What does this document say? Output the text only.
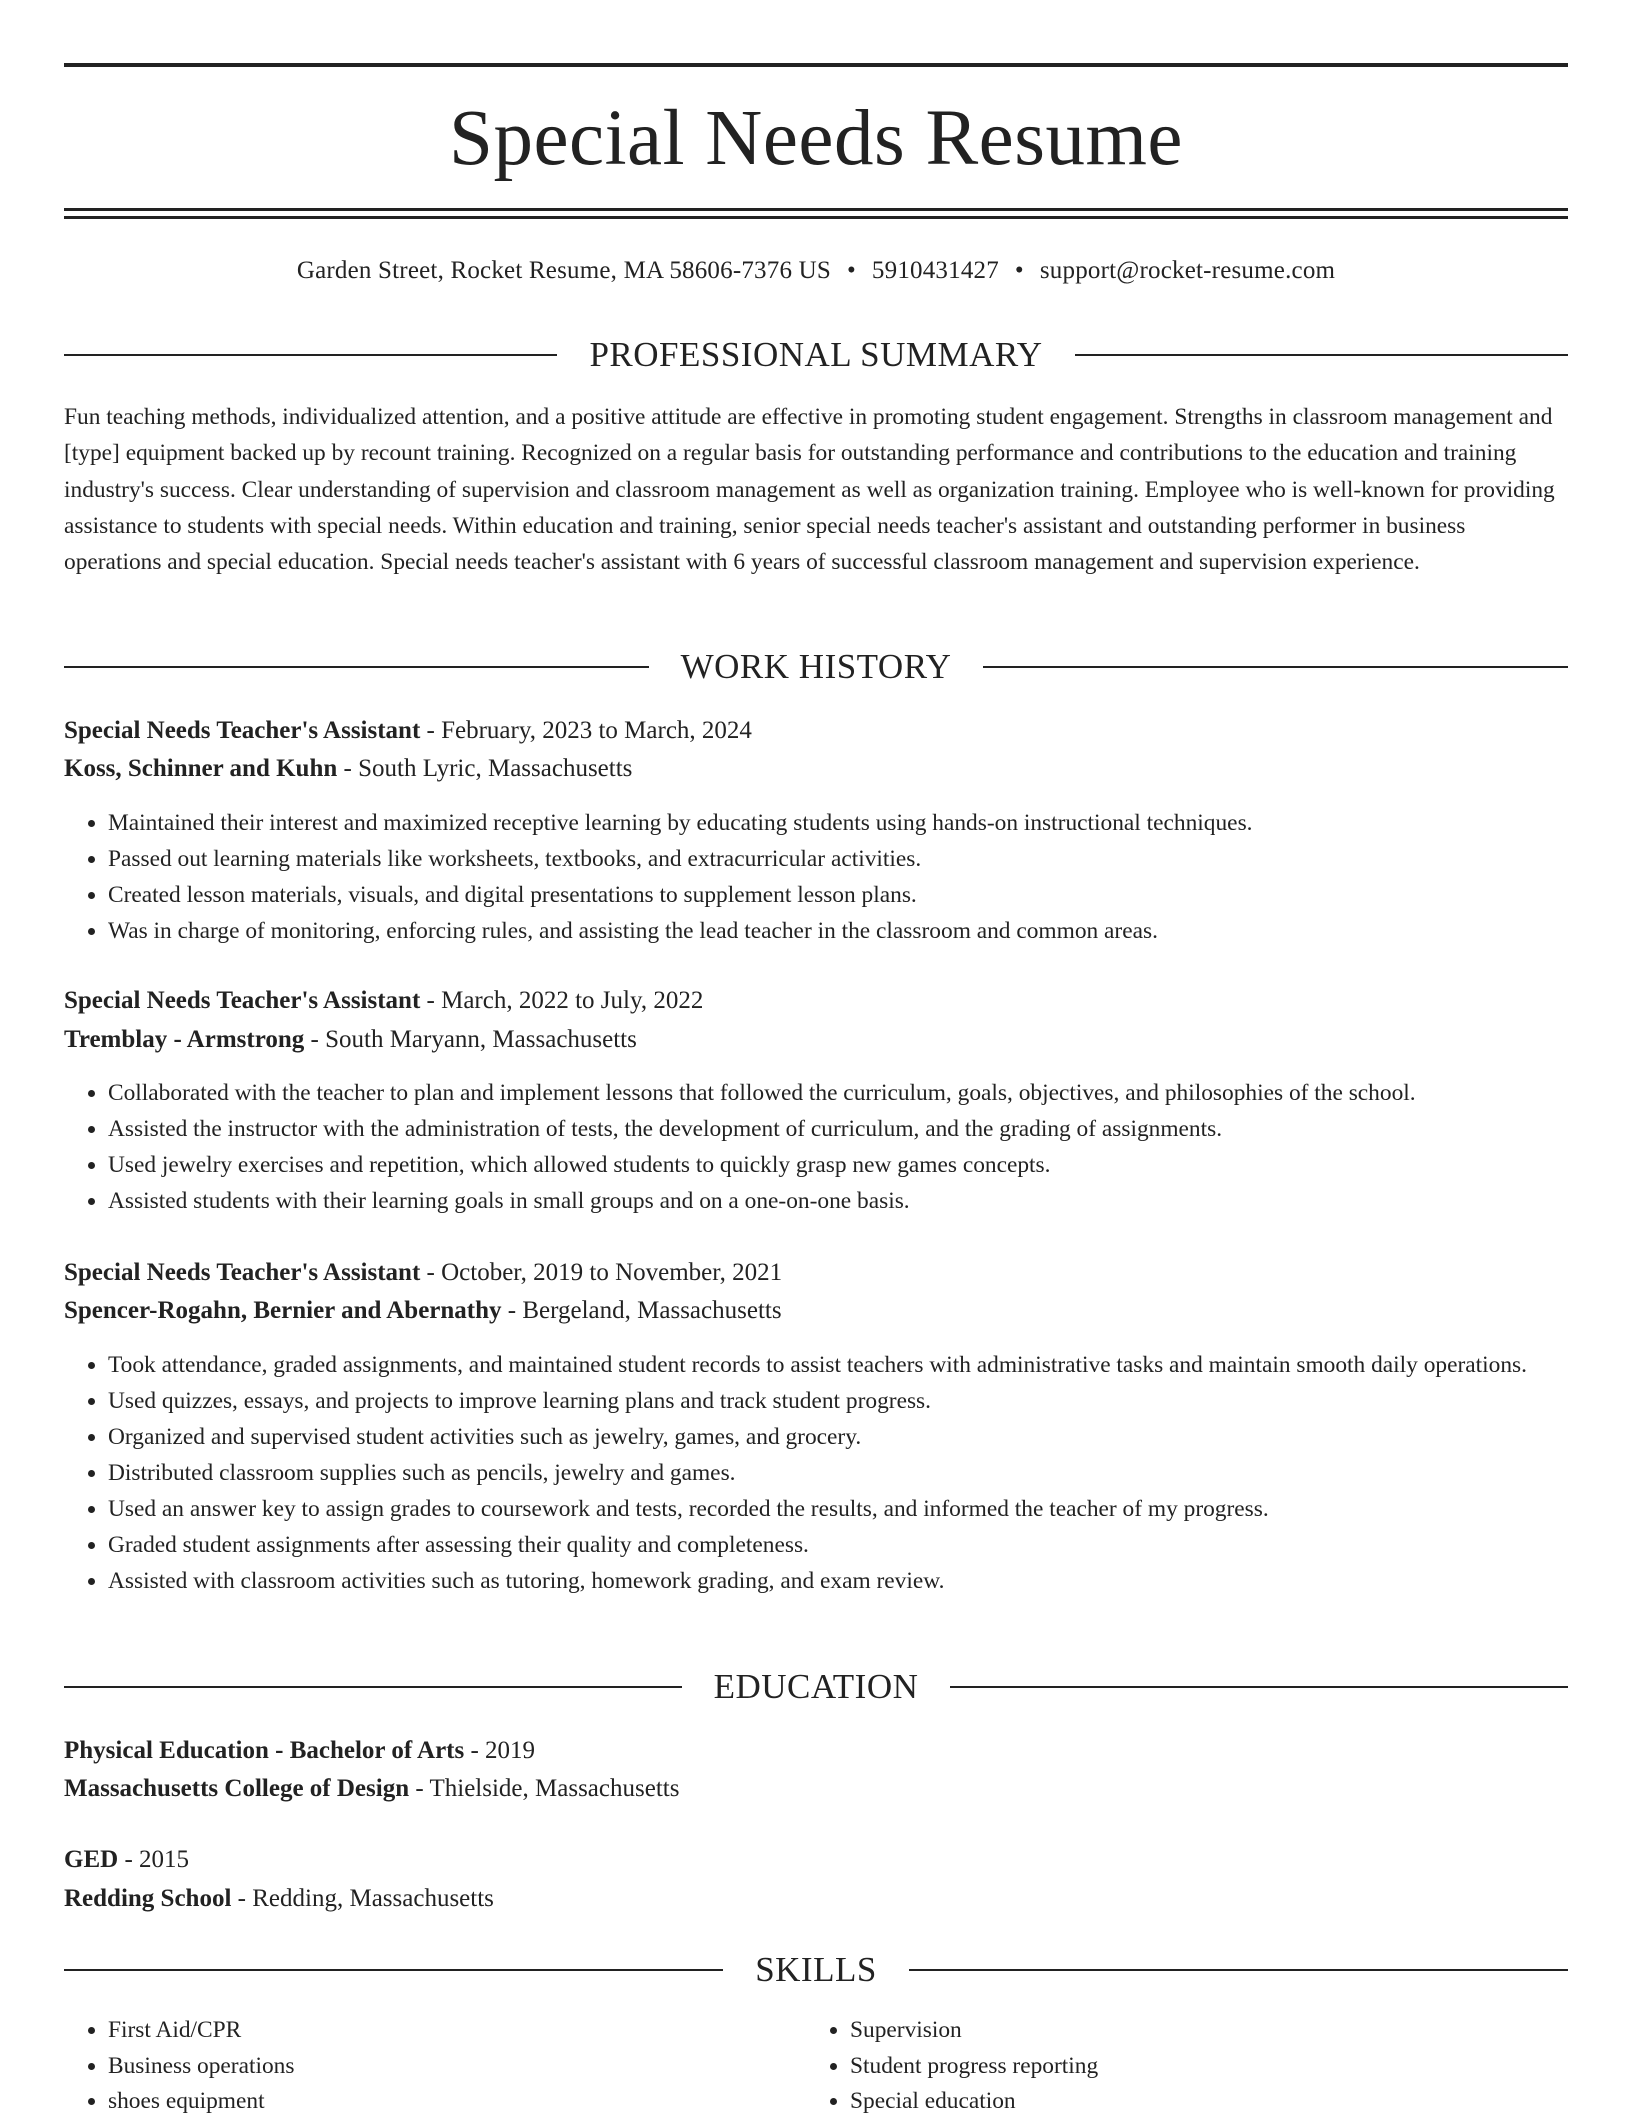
Special Needs Resume
Garden Street, Rocket Resume, MA 58606-7376 US • 5910431427 • support@rocket-resume.com
PROFESSIONAL SUMMARY
Fun teaching methods, individualized attention, and a positive attitude are effective in promoting student engagement. Strengths in classroom management and [type] equipment backed up by recount training. Recognized on a regular basis for outstanding performance and contributions to the education and training industry's success. Clear understanding of supervision and classroom management as well as organization training. Employee who is well-known for providing assistance to students with special needs. Within education and training, senior special needs teacher's assistant and outstanding performer in business operations and special education. Special needs teacher's assistant with 6 years of successful classroom management and supervision experience.
WORK HISTORY
Special Needs Teacher's Assistant - February, 2023 to March, 2024
Koss, Schinner and Kuhn - South Lyric, Massachusetts
• Maintained their interest and maximized receptive learning by educating students using hands-on instructional techniques.
• Passed out learning materials like worksheets, textbooks, and extracurricular activities.
• Created lesson materials, visuals, and digital presentations to supplement lesson plans.
• Was in charge of monitoring, enforcing rules, and assisting the lead teacher in the classroom and common areas.
Special Needs Teacher's Assistant - March, 2022 to July, 2022
Tremblay - Armstrong - South Maryann, Massachusetts
• Collaborated with the teacher to plan and implement lessons that followed the curriculum, goals, objectives, and philosophies of the school.
• Assisted the instructor with the administration of tests, the development of curriculum, and the grading of assignments.
• Used jewelry exercises and repetition, which allowed students to quickly grasp new games concepts.
• Assisted students with their learning goals in small groups and on a one-on-one basis.
Special Needs Teacher's Assistant - October, 2019 to November, 2021
Spencer-Rogahn, Bernier and Abernathy - Bergeland, Massachusetts
• Took attendance, graded assignments, and maintained student records to assist teachers with administrative tasks and maintain smooth daily operations.
• Used quizzes, essays, and projects to improve learning plans and track student progress.
• Organized and supervised student activities such as jewelry, games, and grocery.
• Distributed classroom supplies such as pencils, jewelry and games.
• Used an answer key to assign grades to coursework and tests, recorded the results, and informed the teacher of my progress.
• Graded student assignments after assessing their quality and completeness.
• Assisted with classroom activities such as tutoring, homework grading, and exam review.
EDUCATION
Physical Education - Bachelor of Arts - 2019
Massachusetts College of Design - Thielside, Massachusetts
GED - 2015
Redding School - Redding, Massachusetts
SKILLS
• First Aid/CPR
• Business operations
• shoes equipment
• Supervision
• Student progress reporting
• Special education
